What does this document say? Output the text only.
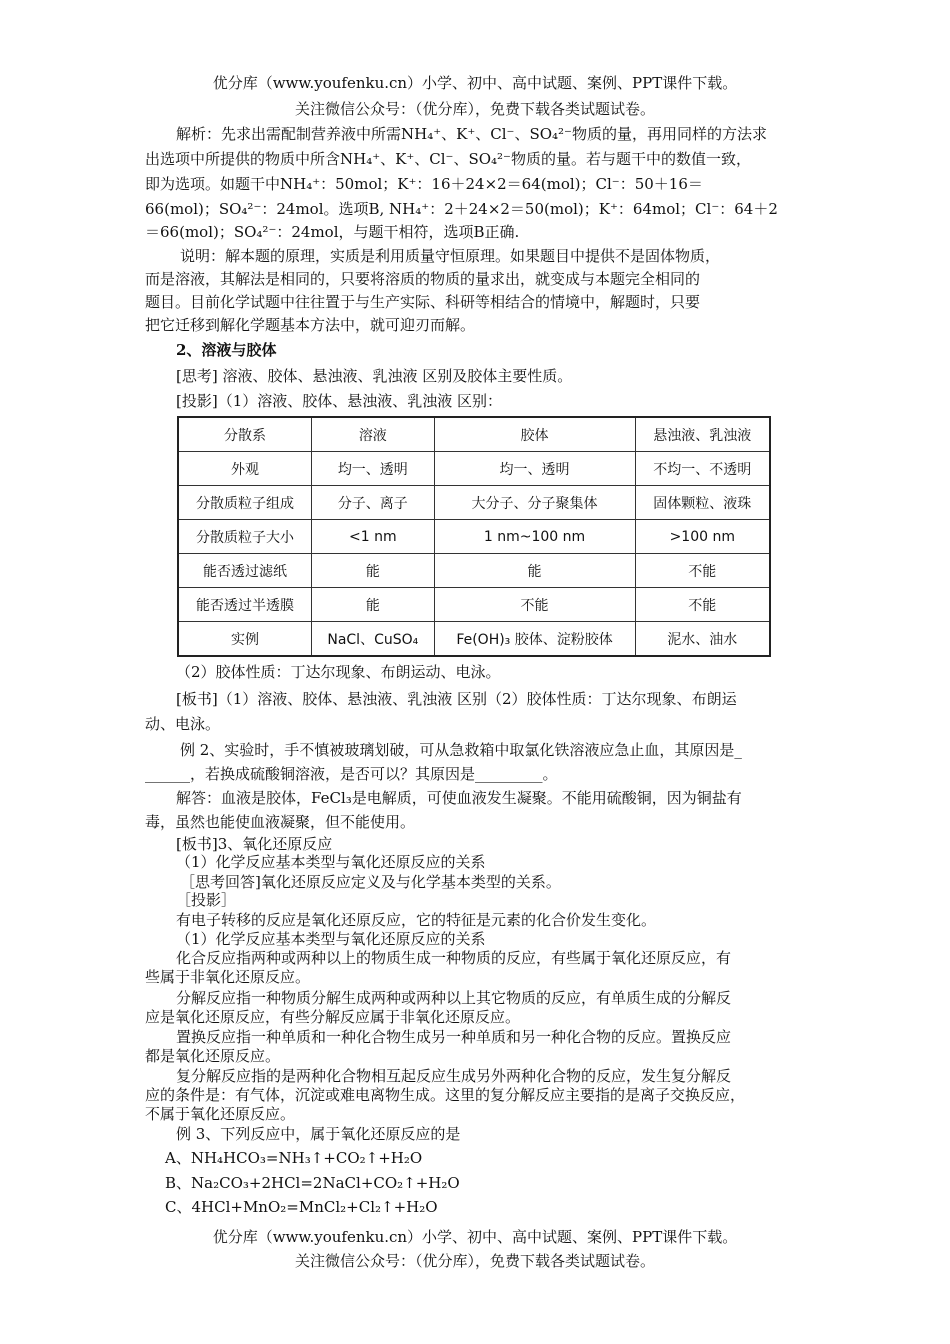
优分库（www.youfenku.cn）小学、初中、高中试题、案例、PPT课件下载。
关注微信公众号：（优分库），免费下载各类试题试卷。
解析：先求出需配制营养液中所需NH₄⁺、K⁺、Cl⁻、SO₄²⁻物质的量，再用同样的方法求
出选项中所提供的物质中所含NH₄⁺、K⁺、Cl⁻、SO₄²⁻物质的量。若与题干中的数值一致，
即为选项。如题干中NH₄⁺：50mol；K⁺：16＋24×2＝64(mol)；Cl⁻：50＋16＝
66(mol)；SO₄²⁻：24mol。选项B, NH₄⁺：2＋24×2＝50(mol)；K⁺：64mol；Cl⁻：64＋2
＝66(mol)；SO₄²⁻：24mol，与题干相符，选项B正确.
说明：解本题的原理，实质是利用质量守恒原理。如果题目中提供不是固体物质，
而是溶液，其解法是相同的，只要将溶质的物质的量求出，就变成与本题完全相同的
题目。目前化学试题中往往置于与生产实际、科研等相结合的情境中，解题时，只要
把它迁移到解化学题基本方法中，就可迎刃而解。
2、溶液与胶体
[思考] 溶液、胶体、悬浊液、乳浊液 区别及胶体主要性质。
[投影]（1）溶液、胶体、悬浊液、乳浊液 区别：
分散系	溶液	胶体	悬浊液、乳浊液
外观	均一、透明	均一、透明	不均一、不透明
分散质粒子组成	分子、离子	大分子、分子聚集体	固体颗粒、液珠
分散质粒子大小	<1 nm	1 nm~100 nm	>100 nm
能否透过滤纸	能	能	不能
能否透过半透膜	能	不能	不能
实例	NaCl、CuSO₄	Fe(OH)₃ 胶体、淀粉胶体	泥水、油水
（2）胶体性质：丁达尔现象、布朗运动、电泳。
[板书]（1）溶液、胶体、悬浊液、乳浊液 区别（2）胶体性质：丁达尔现象、布朗运
动、电泳。
例 2、实验时，手不慎被玻璃划破，可从急救箱中取氯化铁溶液应急止血，其原因是_
______，若换成硫酸铜溶液，是否可以？其原因是_________。
解答：血液是胶体，FeCl₃是电解质，可使血液发生凝聚。不能用硫酸铜，因为铜盐有
毒，虽然也能使血液凝聚，但不能使用。
[板书]3、氧化还原反应
（1）化学反应基本类型与氧化还原反应的关系
［思考回答]氧化还原反应定义及与化学基本类型的关系。
［投影］
有电子转移的反应是氧化还原反应，它的特征是元素的化合价发生变化。
（1）化学反应基本类型与氧化还原反应的关系
化合反应指两种或两种以上的物质生成一种物质的反应，有些属于氧化还原反应，有
些属于非氧化还原反应。
分解反应指一种物质分解生成两种或两种以上其它物质的反应，有单质生成的分解反
应是氧化还原反应，有些分解反应属于非氧化还原反应。
置换反应指一种单质和一种化合物生成另一种单质和另一种化合物的反应。置换反应
都是氧化还原反应。
复分解反应指的是两种化合物相互起反应生成另外两种化合物的反应，发生复分解反
应的条件是：有气体，沉淀或难电离物生成。这里的复分解反应主要指的是离子交换反应，
不属于氧化还原反应。
例 3、下列反应中，属于氧化还原反应的是
A、NH₄HCO₃=NH₃↑+CO₂↑+H₂O
B、Na₂CO₃+2HCl=2NaCl+CO₂↑+H₂O
C、4HCl+MnO₂=MnCl₂+Cl₂↑+H₂O
优分库（www.youfenku.cn）小学、初中、高中试题、案例、PPT课件下载。
关注微信公众号：（优分库），免费下载各类试题试卷。
